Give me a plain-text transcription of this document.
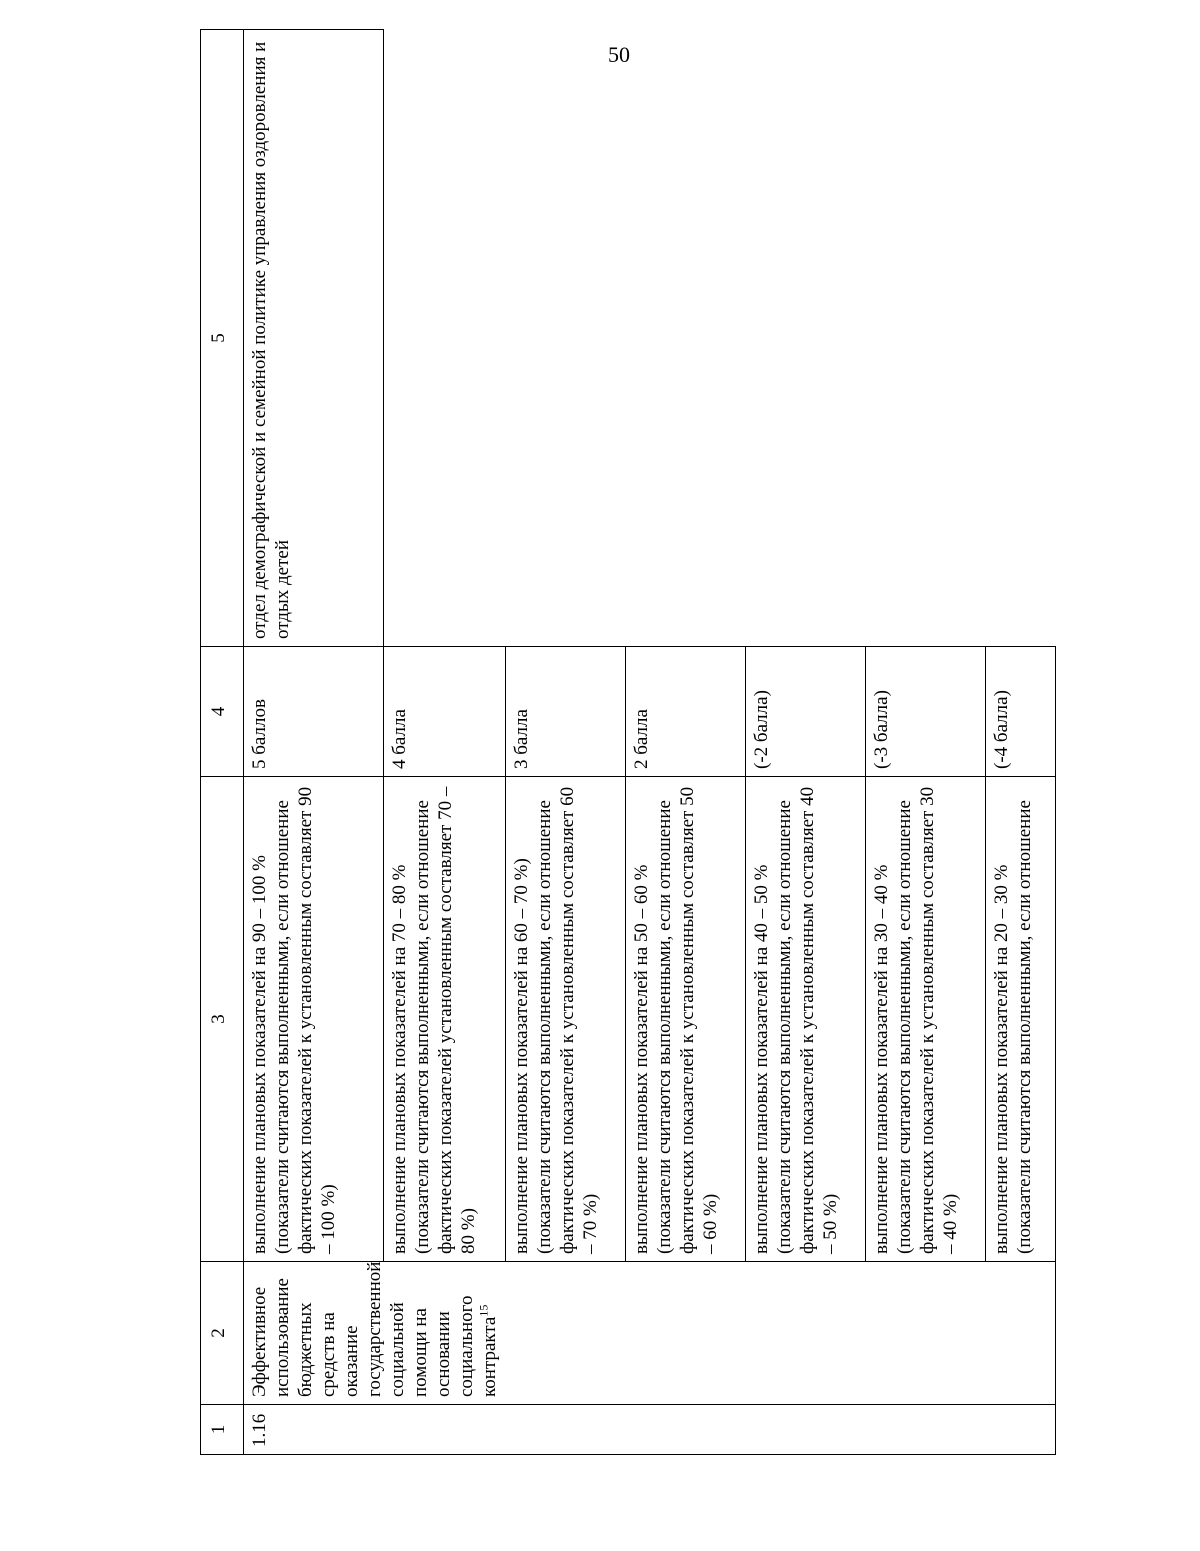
50
1	2	3	4	5
1.16	Эффективное использование бюджетных средств на оказание государственной социальной помощи на основании социального контракта$^{15}$	выполнение плановых показателей на 90 – 100 % (показатели считаются выполненными, если отношение фактических показателей к установленным составляет 90 – 100 %)	5 баллов	отдел демографической и семейной политике управления оздоровления и отдых детей
		выполнение плановых показателей на 70 – 80 % (показатели считаются выполненными, если отношение фактических показателей установленным составляет 70 – 80 %)	4 балла	
		выполнение плановых показателей на 60 – 70 %) (показатели считаются выполненными, если отношение фактических показателей к установленным составляет 60 – 70 %)	3 балла	
		выполнение плановых показателей на 50 – 60 % (показатели считаются выполненными, если отношение фактических показателей к установленным составляет 50 – 60 %)	2 балла	
		выполнение плановых показателей на 40 – 50 % (показатели считаются выполненными, если отношение фактических показателей к установленным составляет 40 – 50 %)	(-2 балла)	
		выполнение плановых показателей на 30 – 40 % (показатели считаются выполненными, если отношение фактических показателей к установленным составляет 30 – 40 %)	(-3 балла)	
		выполнение плановых показателей на 20 – 30 % (показатели считаются выполненными, если отношение	(-4 балла)	
